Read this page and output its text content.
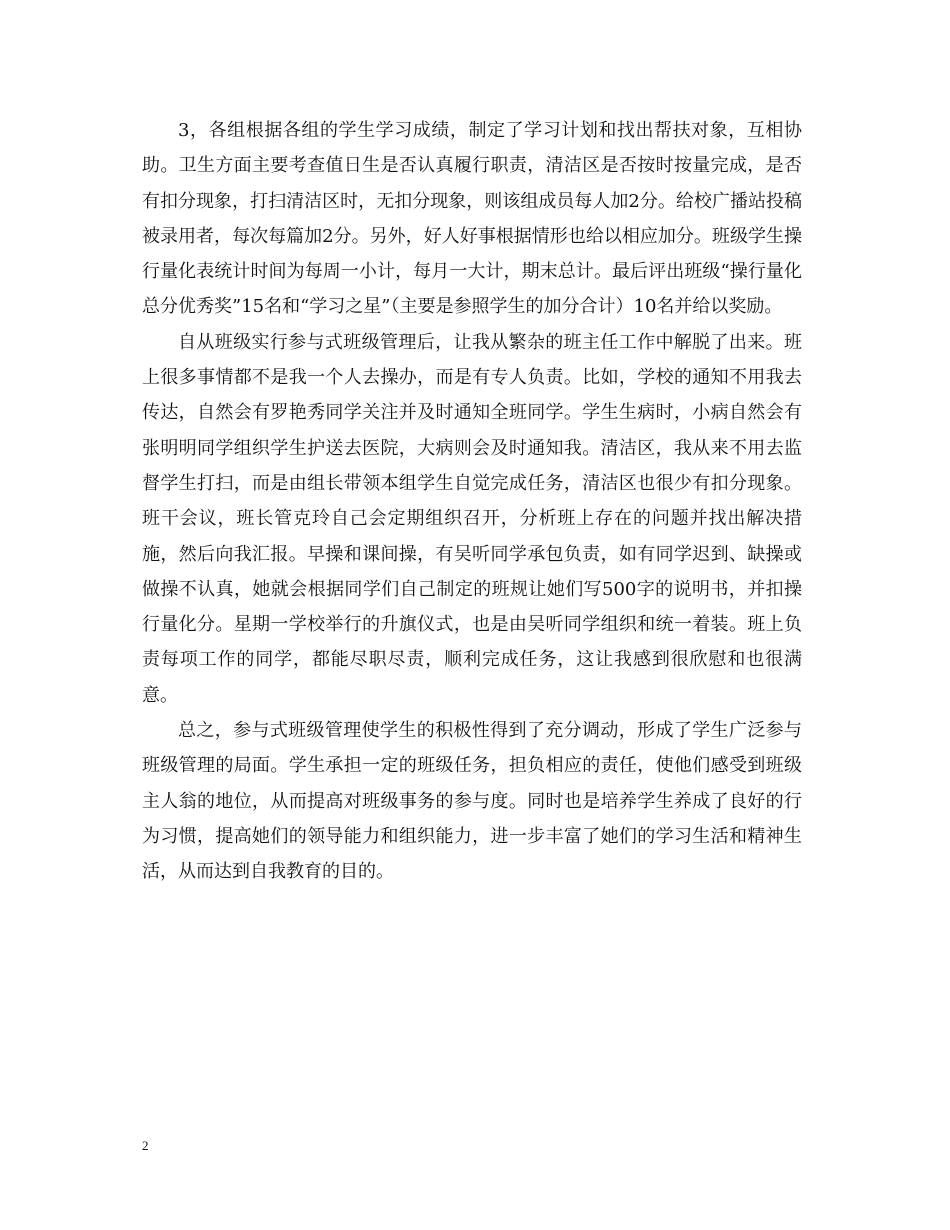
3，各组根据各组的学生学习成绩，制定了学习计划和找出帮扶对象，互相协助。卫生方面主要考查值日生是否认真履行职责，清洁区是否按时按量完成，是否有扣分现象，打扫清洁区时，无扣分现象，则该组成员每人加2分。给校广播站投稿被录用者，每次每篇加2分。另外，好人好事根据情形也给以相应加分。班级学生操行量化表统计时间为每周一小计，每月一大计，期末总计。最后评出班级“操行量化总分优秀奖”15名和“学习之星”（主要是参照学生的加分合计）10名并给以奖励。

自从班级实行参与式班级管理后，让我从繁杂的班主任工作中解脱了出来。班上很多事情都不是我一个人去操办，而是有专人负责。比如，学校的通知不用我去传达，自然会有罗艳秀同学关注并及时通知全班同学。学生生病时，小病自然会有张明明同学组织学生护送去医院，大病则会及时通知我。清洁区，我从来不用去监督学生打扫，而是由组长带领本组学生自觉完成任务，清洁区也很少有扣分现象。班干会议，班长管克玲自己会定期组织召开，分析班上存在的问题并找出解决措施，然后向我汇报。早操和课间操，有吴听同学承包负责，如有同学迟到、缺操或做操不认真，她就会根据同学们自己制定的班规让她们写500字的说明书，并扣操行量化分。星期一学校举行的升旗仪式，也是由吴听同学组织和统一着装。班上负责每项工作的同学，都能尽职尽责，顺利完成任务，这让我感到很欣慰和也很满意。

总之，参与式班级管理使学生的积极性得到了充分调动，形成了学生广泛参与班级管理的局面。学生承担一定的班级任务，担负相应的责任，使他们感受到班级主人翁的地位，从而提高对班级事务的参与度。同时也是培养学生养成了良好的行为习惯，提高她们的领导能力和组织能力，进一步丰富了她们的学习生活和精神生活，从而达到自我教育的目的。

2
